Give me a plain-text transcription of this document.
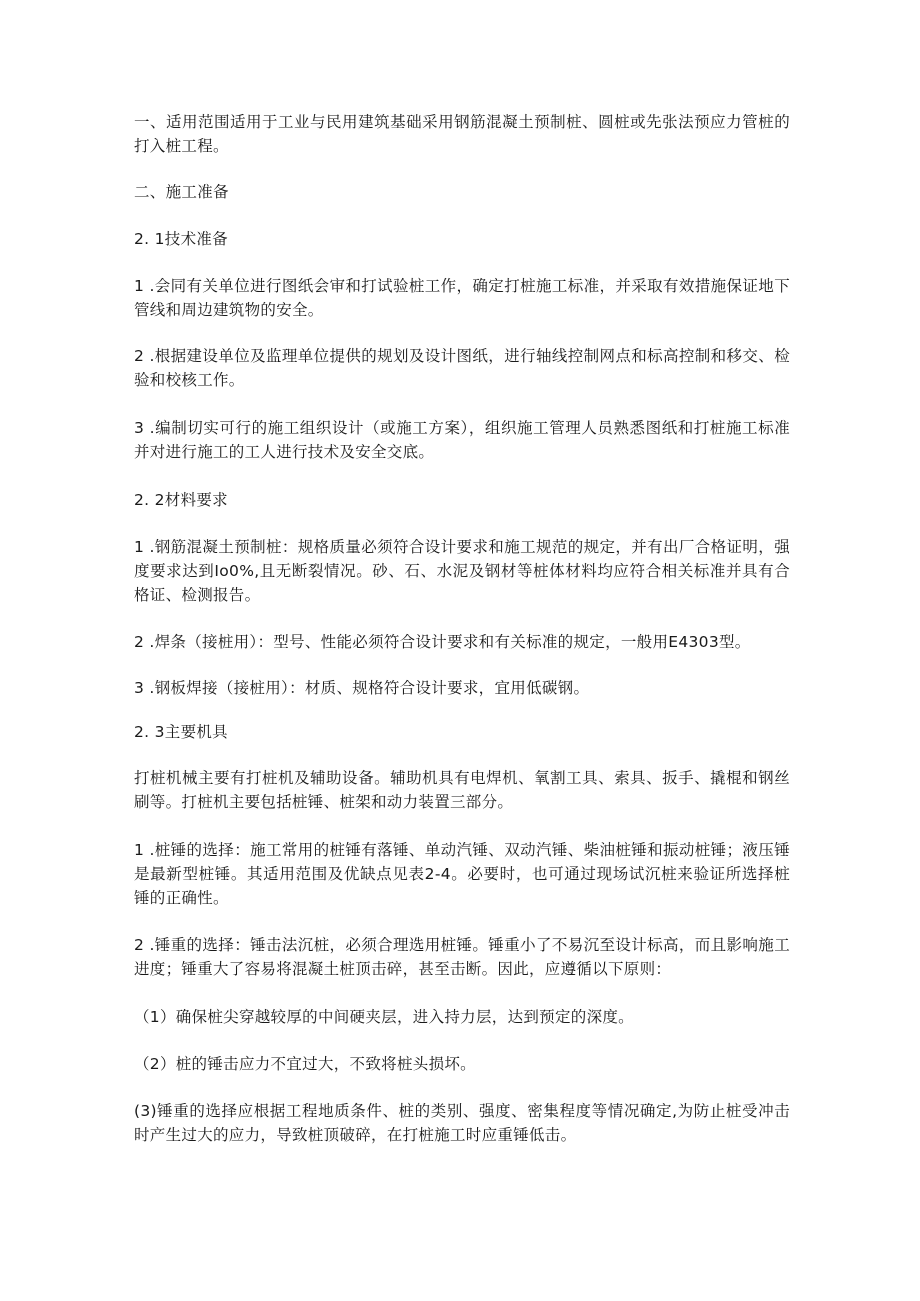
一、适用范围适用于工业与民用建筑基础采用钢筋混凝土预制桩、圆桩或先张法预应力管桩的打入桩工程。

二、施工准备

2. 1技术准备

1 .会同有关单位进行图纸会审和打试验桩工作，确定打桩施工标准，并采取有效措施保证地下管线和周边建筑物的安全。

2 .根据建设单位及监理单位提供的规划及设计图纸，进行轴线控制网点和标高控制和移交、检验和校核工作。

3 .编制切实可行的施工组织设计（或施工方案），组织施工管理人员熟悉图纸和打桩施工标准并对进行施工的工人进行技术及安全交底。

2. 2材料要求

1 .钢筋混凝土预制桩：规格质量必须符合设计要求和施工规范的规定，并有出厂合格证明，强度要求达到Io0%,且无断裂情况。砂、石、水泥及钢材等桩体材料均应符合相关标准并具有合格证、检测报告。

2 .焊条（接桩用）：型号、性能必须符合设计要求和有关标准的规定，一般用E4303型。

3 .钢板焊接（接桩用）：材质、规格符合设计要求，宜用低碳钢。

2. 3主要机具

打桩机械主要有打桩机及辅助设备。辅助机具有电焊机、氧割工具、索具、扳手、撬棍和钢丝刷等。打桩机主要包括桩锤、桩架和动力装置三部分。

1 .桩锤的选择：施工常用的桩锤有落锤、单动汽锤、双动汽锤、柴油桩锤和振动桩锤；液压锤是最新型桩锤。其适用范围及优缺点见表2-4。必要时，也可通过现场试沉桩来验证所选择桩锤的正确性。

2 .锤重的选择：锤击法沉桩，必须合理选用桩锤。锤重小了不易沉至设计标高，而且影响施工进度；锤重大了容易将混凝土桩顶击碎，甚至击断。因此，应遵循以下原则：

（1）确保桩尖穿越较厚的中间硬夹层，进入持力层，达到预定的深度。

（2）桩的锤击应力不宜过大，不致将桩头损坏。

(3)锤重的选择应根据工程地质条件、桩的类别、强度、密集程度等情况确定,为防止桩受冲击时产生过大的应力，导致桩顶破碎，在打桩施工时应重锤低击。
